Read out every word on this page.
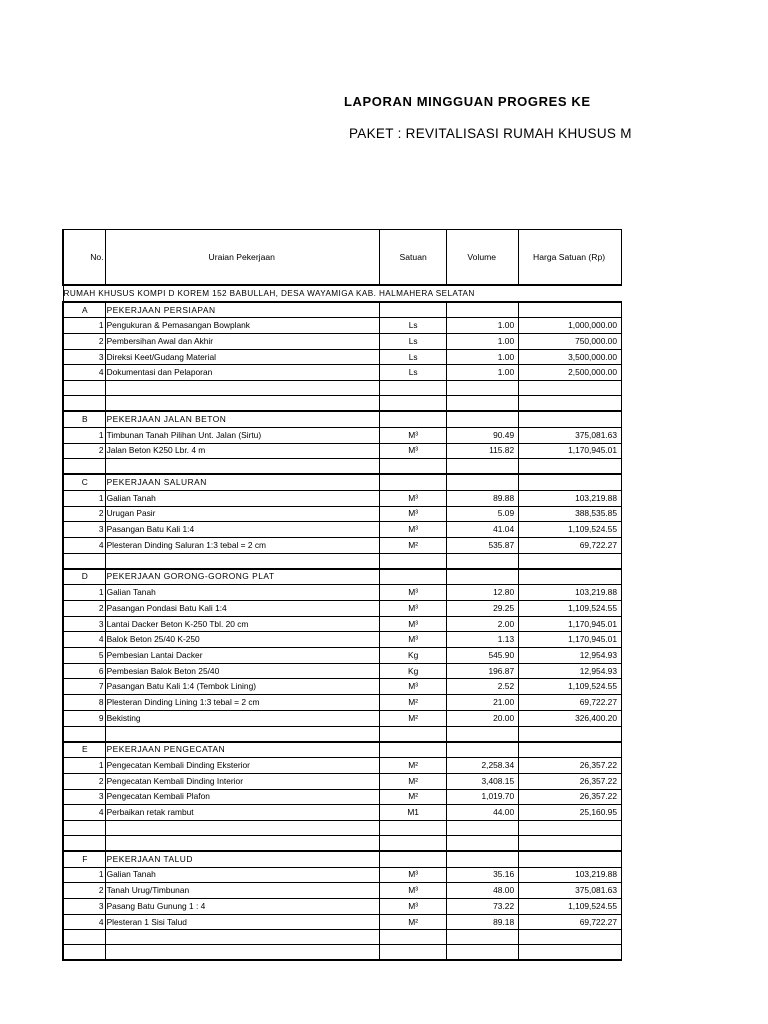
LAPORAN MINGGUAN PROGRES KE
PAKET : REVITALISASI RUMAH KHUSUS M
No.	Uraian Pekerjaan	Satuan	Volume	Harga Satuan (Rp)
RUMAH KHUSUS KOMPI D KOREM 152 BABULLAH, DESA WAYAMIGA KAB. HALMAHERA SELATAN				
A	PEKERJAAN PERSIAPAN			
1	Pengukuran & Pemasangan Bowplank	Ls	1.00	1,000,000.00
2	Pembersihan Awal dan Akhir	Ls	1.00	750,000.00
3	Direksi Keet/Gudang Material	Ls	1.00	3,500,000.00
4	Dokumentasi dan Pelaporan	Ls	1.00	2,500,000.00

B	PEKERJAAN JALAN BETON			
1	Timbunan Tanah Pilihan Unt. Jalan (Sirtu)	M³	90.49	375,081.63
2	Jalan Beton K250 Lbr. 4 m	M³	115.82	1,170,945.01

C	PEKERJAAN SALURAN			
1	Galian Tanah	M³	89.88	103,219.88
2	Urugan Pasir	M³	5.09	388,535.85
3	Pasangan Batu Kali 1:4	M³	41.04	1,109,524.55
4	Plesteran Dinding Saluran 1:3 tebal = 2 cm	M²	535.87	69,722.27

D	PEKERJAAN GORONG-GORONG PLAT			
1	Galian Tanah	M³	12.80	103,219.88
2	Pasangan Pondasi Batu Kali 1:4	M³	29.25	1,109,524.55
3	Lantai Dacker Beton K-250 Tbl. 20 cm	M³	2.00	1,170,945.01
4	Balok Beton 25/40 K-250	M³	1.13	1,170,945.01
5	Pembesian Lantai Dacker	Kg	545.90	12,954.93
6	Pembesian Balok Beton 25/40	Kg	196.87	12,954.93
7	Pasangan Batu Kali 1:4 (Tembok Lining)	M³	2.52	1,109,524.55
8	Plesteran Dinding Lining 1:3 tebal = 2 cm	M²	21.00	69,722.27
9	Bekisting	M²	20.00	326,400.20

E	PEKERJAAN PENGECATAN			
1	Pengecatan Kembali Dinding Eksterior	M²	2,258.34	26,357.22
2	Pengecatan Kembali Dinding Interior	M²	3,408.15	26,357.22
3	Pengecatan Kembali Plafon	M²	1,019.70	26,357.22
4	Perbaikan retak rambut	M1	44.00	25,160.95

F	PEKERJAAN TALUD			
1	Galian Tanah	M³	35.16	103,219.88
2	Tanah Urug/Timbunan	M³	48.00	375,081.63
3	Pasang Batu Gunung 1 : 4	M³	73.22	1,109,524.55
4	Plesteran 1 Sisi Talud	M²	89.18	69,722.27
